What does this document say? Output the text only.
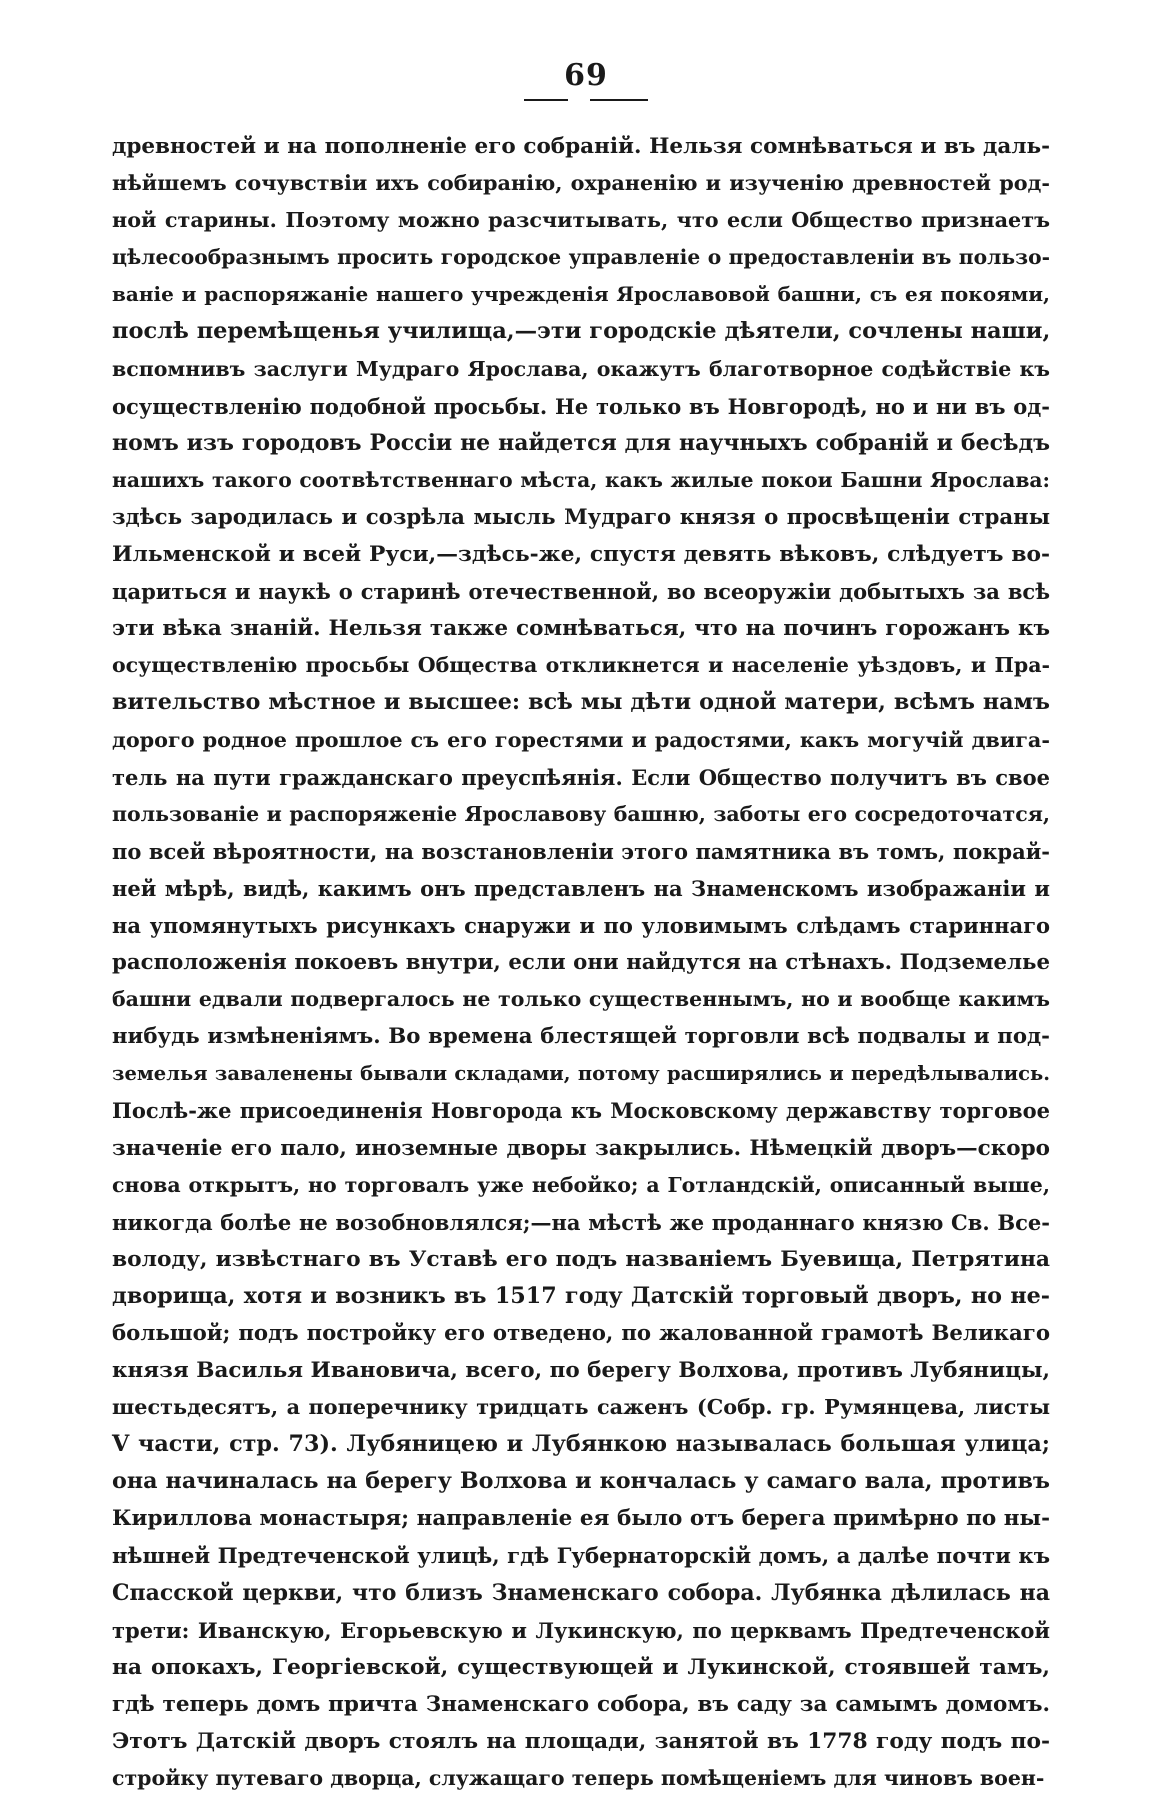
69
древностей и на пополненіе его собраній. Нельзя сомнѣваться и въ даль-
нѣйшемъ сочувствіи ихъ собиранію, охраненію и изученію древностей род-
ной старины. Поэтому можно разсчитывать, что если Общество признаетъ
цѣлесообразнымъ просить городское управленіе о предоставленіи въ пользо-
ваніе и распоряжаніе нашего учрежденія Ярославовой башни, съ ея покоями,
послѣ перемѣщенья училища,—эти городскіе дѣятели, сочлены наши,
вспомнивъ заслуги Мудраго Ярослава, окажутъ благотворное содѣйствіе къ
осуществленію подобной просьбы. Не только въ Новгородѣ, но и ни въ од-
номъ изъ городовъ Россіи не найдется для научныхъ собраній и бесѣдъ
нашихъ такого соотвѣтственнаго мѣста, какъ жилые покои Башни Ярослава:
здѣсь зародилась и созрѣла мысль Мудраго князя о просвѣщеніи страны
Ильменской и всей Руси,—здѣсь-же, спустя девять вѣковъ, слѣдуетъ во-
цариться и наукѣ о старинѣ отечественной, во всеоружіи добытыхъ за всѣ
эти вѣка знаній. Нельзя также сомнѣваться, что на починъ горожанъ къ
осуществленію просьбы Общества откликнется и населеніе уѣздовъ, и Пра-
вительство мѣстное и высшее: всѣ мы дѣти одной матери, всѣмъ намъ
дорого родное прошлое съ его горестями и радостями, какъ могучій двига-
тель на пути гражданскаго преуспѣянія. Если Общество получитъ въ свое
пользованіе и распоряженіе Ярославову башню, заботы его сосредоточатся,
по всей вѣроятности, на возстановленіи этого памятника въ томъ, покрай-
ней мѣрѣ, видѣ, какимъ онъ представленъ на Знаменскомъ изображаніи и
на упомянутыхъ рисункахъ снаружи и по уловимымъ слѣдамъ стариннаго
расположенія покоевъ внутри, если они найдутся на стѣнахъ. Подземелье
башни едвали подвергалось не только существеннымъ, но и вообще какимъ
нибудь измѣненіямъ. Во времена блестящей торговли всѣ подвалы и под-
земелья заваленены бывали складами, потому расширялись и передѣлывались.
Послѣ-же присоединенія Новгорода къ Московскому державству торговое
значеніе его пало, иноземные дворы закрылись. Нѣмецкій дворъ—скоро
снова открытъ, но торговалъ уже небойко; а Готландскій, описанный выше,
никогда болѣе не возобновлялся;—на мѣстѣ же проданнаго князю Св. Все-
володу, извѣстнаго въ Уставѣ его подъ названіемъ Буевища, Петрятина
дворища, хотя и возникъ въ 1517 году Датскій торговый дворъ, но не-
большой; подъ постройку его отведено, по жалованной грамотѣ Великаго
князя Василья Ивановича, всего, по берегу Волхова, противъ Лубяницы,
шестьдесятъ, а поперечнику тридцать саженъ (Собр. гр. Румянцева, листы
V части, стр. 73). Лубяницею и Лубянкою называлась большая улица;
она начиналась на берегу Волхова и кончалась у самаго вала, противъ
Кириллова монастыря; направленіе ея было отъ берега примѣрно по ны-
нѣшней Предтеченской улицѣ, гдѣ Губернаторскій домъ, а далѣе почти къ
Спасской церкви, что близъ Знаменскаго собора. Лубянка дѣлилась на
трети: Иванскую, Егорьевскую и Лукинскую, по церквамъ Предтеченской
на опокахъ, Георгіевской, существующей и Лукинской, стоявшей тамъ,
гдѣ теперь домъ причта Знаменскаго собора, въ саду за самымъ домомъ.
Этотъ Датскій дворъ стоялъ на площади, занятой въ 1778 году подъ по-
стройку путеваго дворца, служащаго теперь помѣщеніемъ для чиновъ воен-
